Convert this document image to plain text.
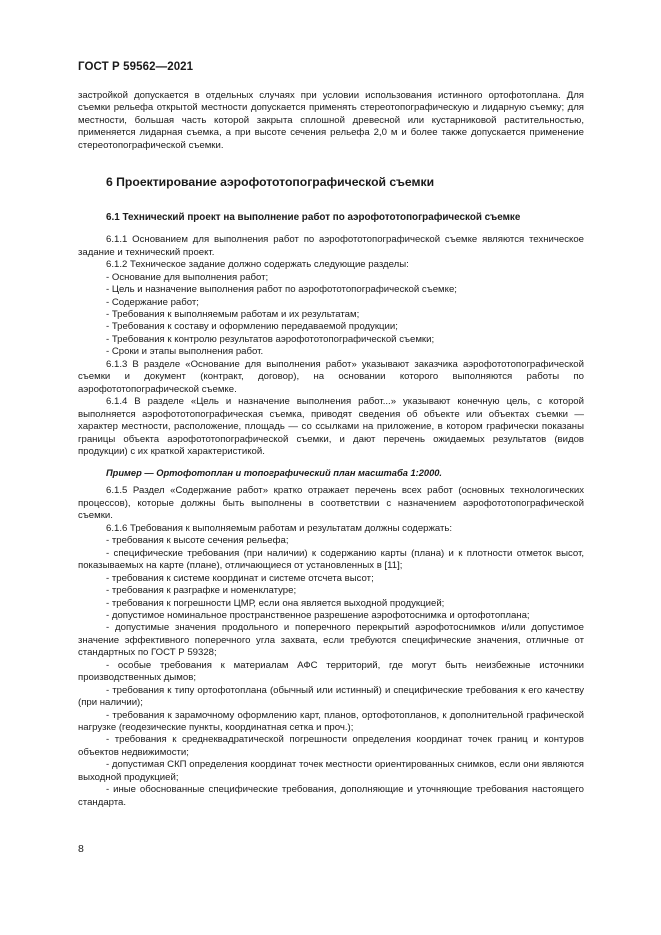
ГОСТ Р 59562—2021

застройкой допускается в отдельных случаях при условии использования истинного ортофотоплана. Для съемки рельефа открытой местности допускается применять стереотопографическую и лидарную съемку; для местности, большая часть которой закрыта сплошной древесной или кустарниковой растительностью, применяется лидарная съемка, а при высоте сечения рельефа 2,0 м и более также допускается применение стереотопографической съемки.

6 Проектирование аэрофототопографической съемки
6.1 Технический проект на выполнение работ по аэрофототопографической съемке

6.1.1 Основанием для выполнения работ по аэрофототопографической съемке являются техническое задание и технический проект.

6.1.2 Техническое задание должно содержать следующие разделы:

- Основание для выполнения работ;
- Цель и назначение выполнения работ по аэрофототопографической съемке;
- Содержание работ;
- Требования к выполняемым работам и их результатам;
- Требования к составу и оформлению передаваемой продукции;
- Требования к контролю результатов аэрофототопографической съемки;
- Сроки и этапы выполнения работ.

6.1.3 В разделе «Основание для выполнения работ» указывают заказчика аэрофототопографической съемки и документ (контракт, договор), на основании которого выполняются работы по аэрофототопографической съемке.

6.1.4 В разделе «Цель и назначение выполнения работ...» указывают конечную цель, с которой выполняется аэрофототопографическая съемка, приводят сведения об объекте или объектах съемки — характер местности, расположение, площадь — со ссылками на приложение, в котором графически показаны границы объекта аэрофототопографической съемки, и дают перечень ожидаемых результатов (видов продукции) с их краткой характеристикой.

Пример — Ортофотоплан и топографический план масштаба 1:2000.

6.1.5 Раздел «Содержание работ» кратко отражает перечень всех работ (основных технологических процессов), которые должны быть выполнены в соответствии с назначением аэрофототопографической съемки.

6.1.6 Требования к выполняемым работам и результатам должны содержать:

- требования к высоте сечения рельефа;

- специфические требования (при наличии) к содержанию карты (плана) и к плотности отметок высот, показываемых на карте (плане), отличающиеся от установленных в [11];

- требования к системе координат и системе отсчета высот;

- требования к разграфке и номенклатуре;

- требования к погрешности ЦМР, если она является выходной продукцией;

- допустимое номинальное пространственное разрешение аэрофотоснимка и ортофотоплана;

- допустимые значения продольного и поперечного перекрытий аэрофотоснимков и/или допустимое значение эффективного поперечного угла захвата, если требуются специфические значения, отличные от стандартных по ГОСТ Р 59328;

- особые требования к материалам АФС территорий, где могут быть неизбежные источники производственных дымов;

- требования к типу ортофотоплана (обычный или истинный) и специфические требования к его качеству (при наличии);

- требования к зарамочному оформлению карт, планов, ортофотопланов, к дополнительной графической нагрузке (геодезические пункты, координатная сетка и проч.);

- требования к среднеквадратической погрешности определения координат точек границ и контуров объектов недвижимости;

- допустимая СКП определения координат точек местности ориентированных снимков, если они являются выходной продукцией;

- иные обоснованные специфические требования, дополняющие и уточняющие требования настоящего стандарта.

8
